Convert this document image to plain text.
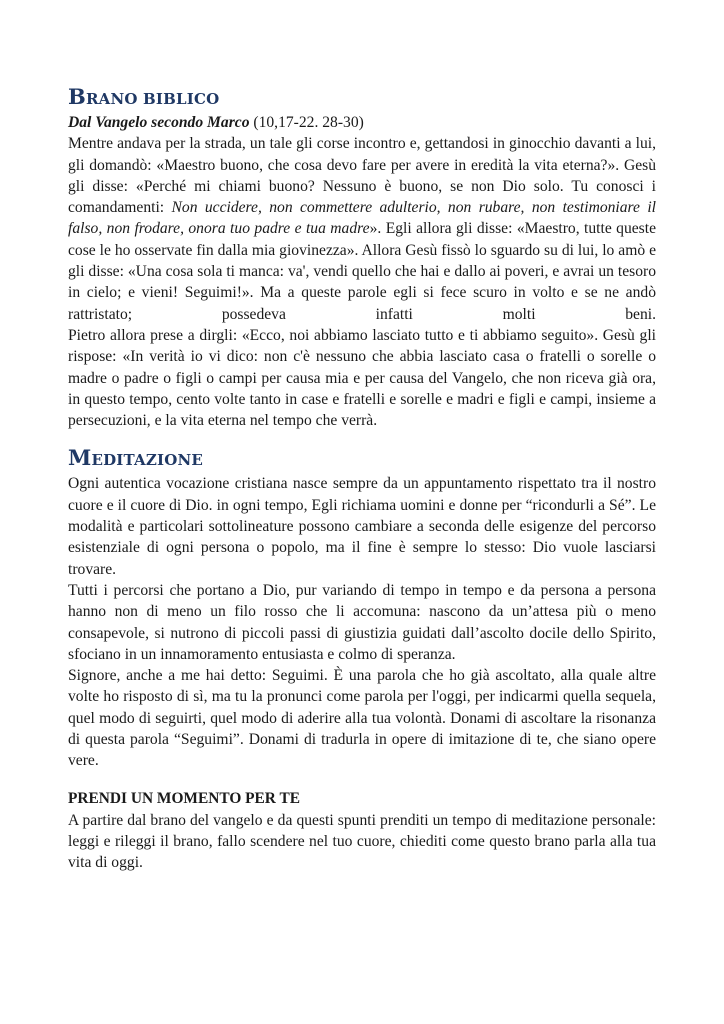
BRANO BIBLICO

Dal Vangelo secondo Marco (10,17-22. 28-30)

Mentre andava per la strada, un tale gli corse incontro e, gettandosi in ginocchio davanti a lui, gli domandò: «Maestro buono, che cosa devo fare per avere in eredità la vita eterna?». Gesù gli disse: «Perché mi chiami buono? Nessuno è buono, se non Dio solo. Tu conosci i comandamenti: Non uccidere, non commettere adulterio, non rubare, non testimoniare il falso, non frodare, onora tuo padre e tua madre». Egli allora gli disse: «Maestro, tutte queste cose le ho osservate fin dalla mia giovinezza». Allora Gesù fissò lo sguardo su di lui, lo amò e gli disse: «Una cosa sola ti manca: va', vendi quello che hai e dallo ai poveri, e avrai un tesoro in cielo; e vieni! Seguimi!». Ma a queste parole egli si fece scuro in volto e se ne andò rattristato; possedeva infatti molti beni.

Pietro allora prese a dirgli: «Ecco, noi abbiamo lasciato tutto e ti abbiamo seguito». Gesù gli rispose: «In verità io vi dico: non c'è nessuno che abbia lasciato casa o fratelli o sorelle o madre o padre o figli o campi per causa mia e per causa del Vangelo, che non riceva già ora, in questo tempo, cento volte tanto in case e fratelli e sorelle e madri e figli e campi, insieme a persecuzioni, e la vita eterna nel tempo che verrà.

MEDITAZIONE

Ogni autentica vocazione cristiana nasce sempre da un appuntamento rispettato tra il nostro cuore e il cuore di Dio. in ogni tempo, Egli richiama uomini e donne per “ricondurli a Sé”. Le modalità e particolari sottolineature possono cambiare a seconda delle esigenze del percorso esistenziale di ogni persona o popolo, ma il fine è sempre lo stesso: Dio vuole lasciarsi trovare.

Tutti i percorsi che portano a Dio, pur variando di tempo in tempo e da persona a persona hanno non di meno un filo rosso che li accomuna: nascono da un’attesa più o meno consapevole, si nutrono di piccoli passi di giustizia guidati dall’ascolto docile dello Spirito, sfociano in un innamoramento entusiasta e colmo di speranza.

Signore, anche a me hai detto: Seguimi. È una parola che ho già ascoltato, alla quale altre volte ho risposto di sì, ma tu la pronunci come parola per l'oggi, per indicarmi quella sequela, quel modo di seguirti, quel modo di aderire alla tua volontà. Donami di ascoltare la risonanza di questa parola “Seguimi”. Donami di tradurla in opere di imitazione di te, che siano opere vere.

PRENDI UN MOMENTO PER TE

A partire dal brano del vangelo e da questi spunti prenditi un tempo di meditazione personale: leggi e rileggi il brano, fallo scendere nel tuo cuore, chiediti come questo brano parla alla tua vita di oggi.
